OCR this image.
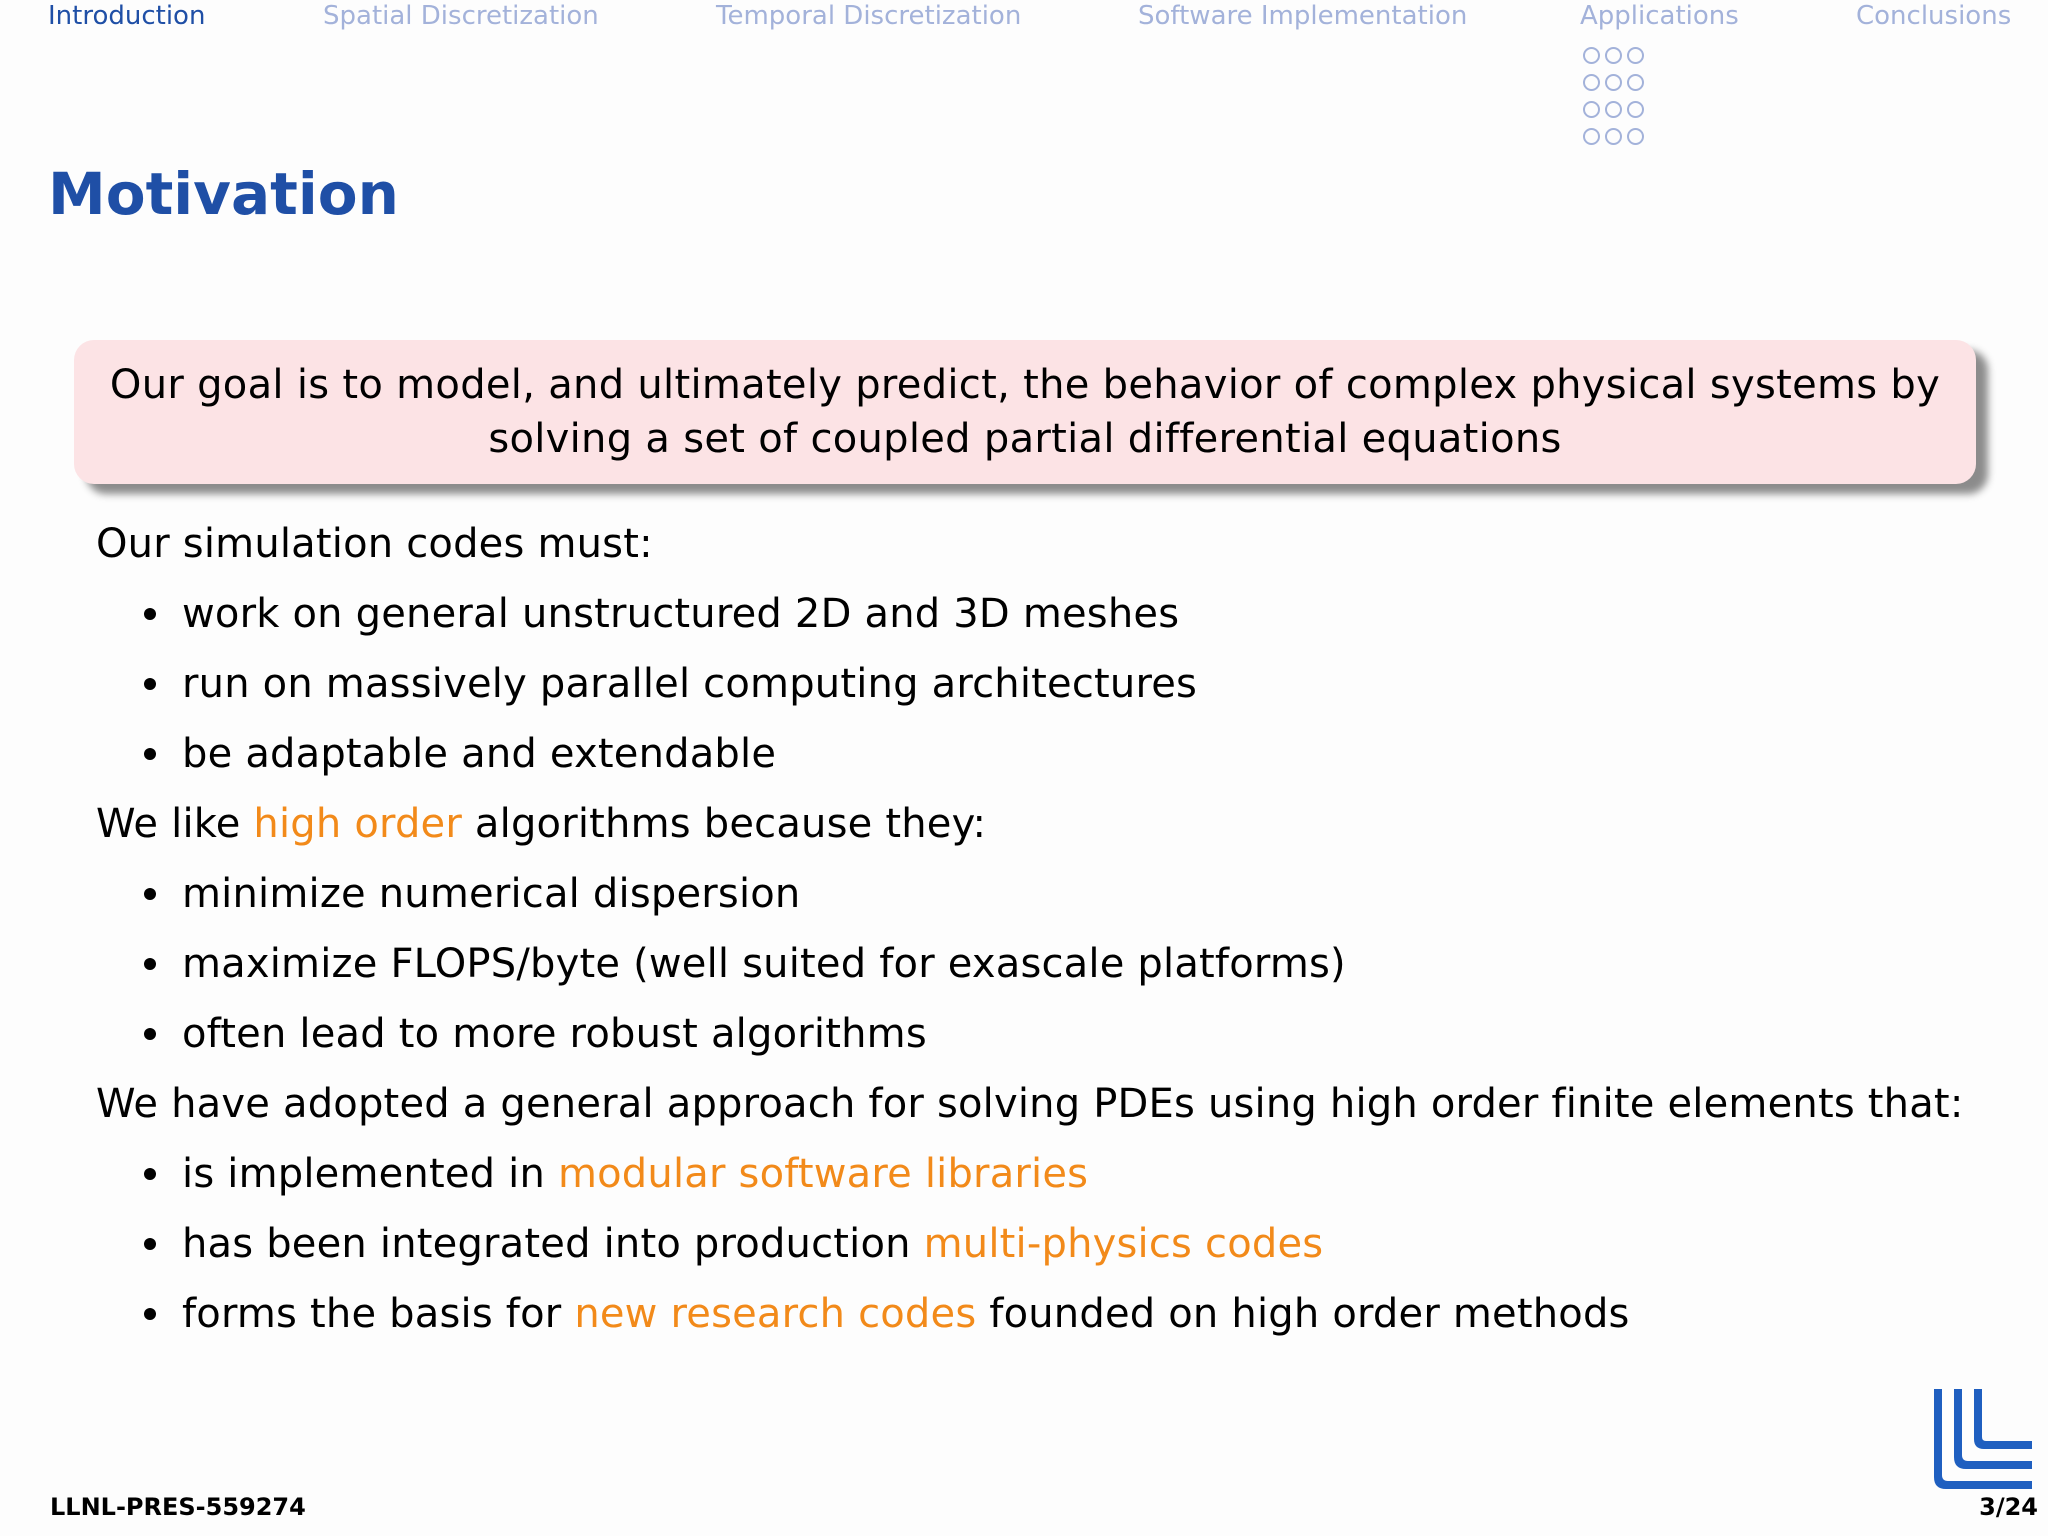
Introduction	Spatial Discretization	Temporal Discretization	Software Implementation	Applications	Conclusions
Motivation
Our goal is to model, and ultimately predict, the behavior of complex physical systems by
solving a set of coupled partial differential equations
Our simulation codes must:
work on general unstructured 2D and 3D meshes
run on massively parallel computing architectures
be adaptable and extendable
We like high order algorithms because they:
minimize numerical dispersion
maximize FLOPS/byte (well suited for exascale platforms)
often lead to more robust algorithms
We have adopted a general approach for solving PDEs using high order finite elements that:
is implemented in modular software libraries
has been integrated into production multi-physics codes
forms the basis for new research codes founded on high order methods
LLNL-PRES-559274	3/24
